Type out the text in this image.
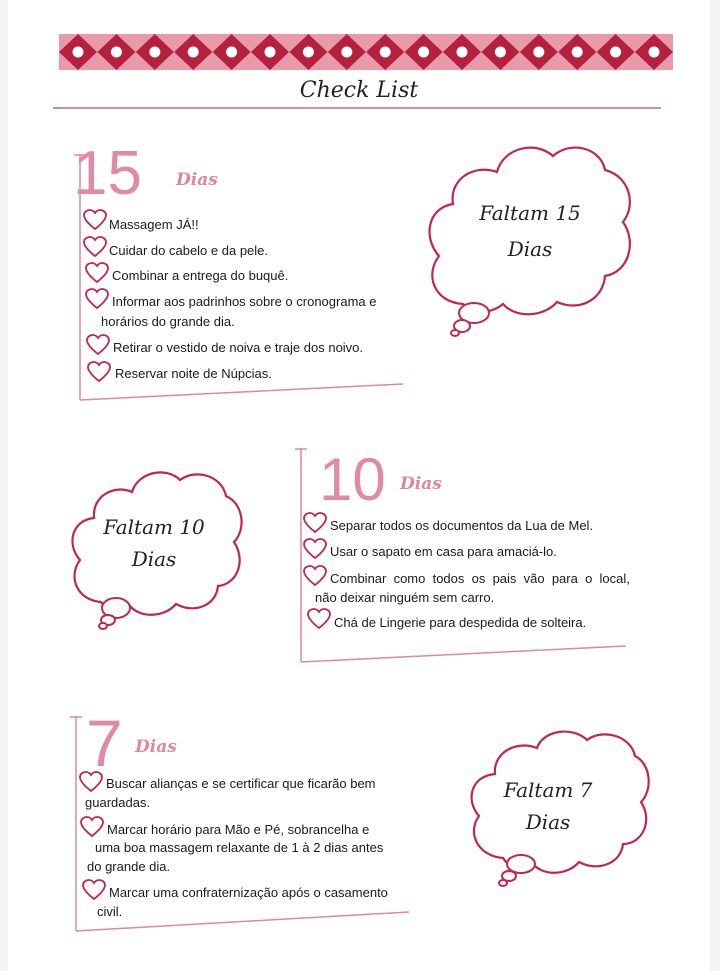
Check List
15 Dias
Massagem JÁ!!
Cuidar do cabelo e da pele.
Combinar a entrega do buquê.
Informar aos padrinhos sobre o cronograma e
horários do grande dia.
Retirar o vestido de noiva e traje dos noivo.
Reservar noite de Núpcias.
Faltam 15
Dias
10 Dias
Separar todos os documentos da Lua de Mel.
Usar o sapato em casa para amaciá-lo.
Combinar  como  todos  os  pais  vão  para  o  local,
não deixar ninguém sem carro.
Chá de Lingerie para despedida de solteira.
Faltam 10
Dias
7 Dias
Buscar alianças e se certificar que ficarão bem
guardadas.
Marcar horário para Mão e Pé, sobrancelha e
uma boa massagem relaxante de 1 à 2 dias antes
do grande dia.
Marcar uma confraternização após o casamento
civil.
Faltam 7
Dias
